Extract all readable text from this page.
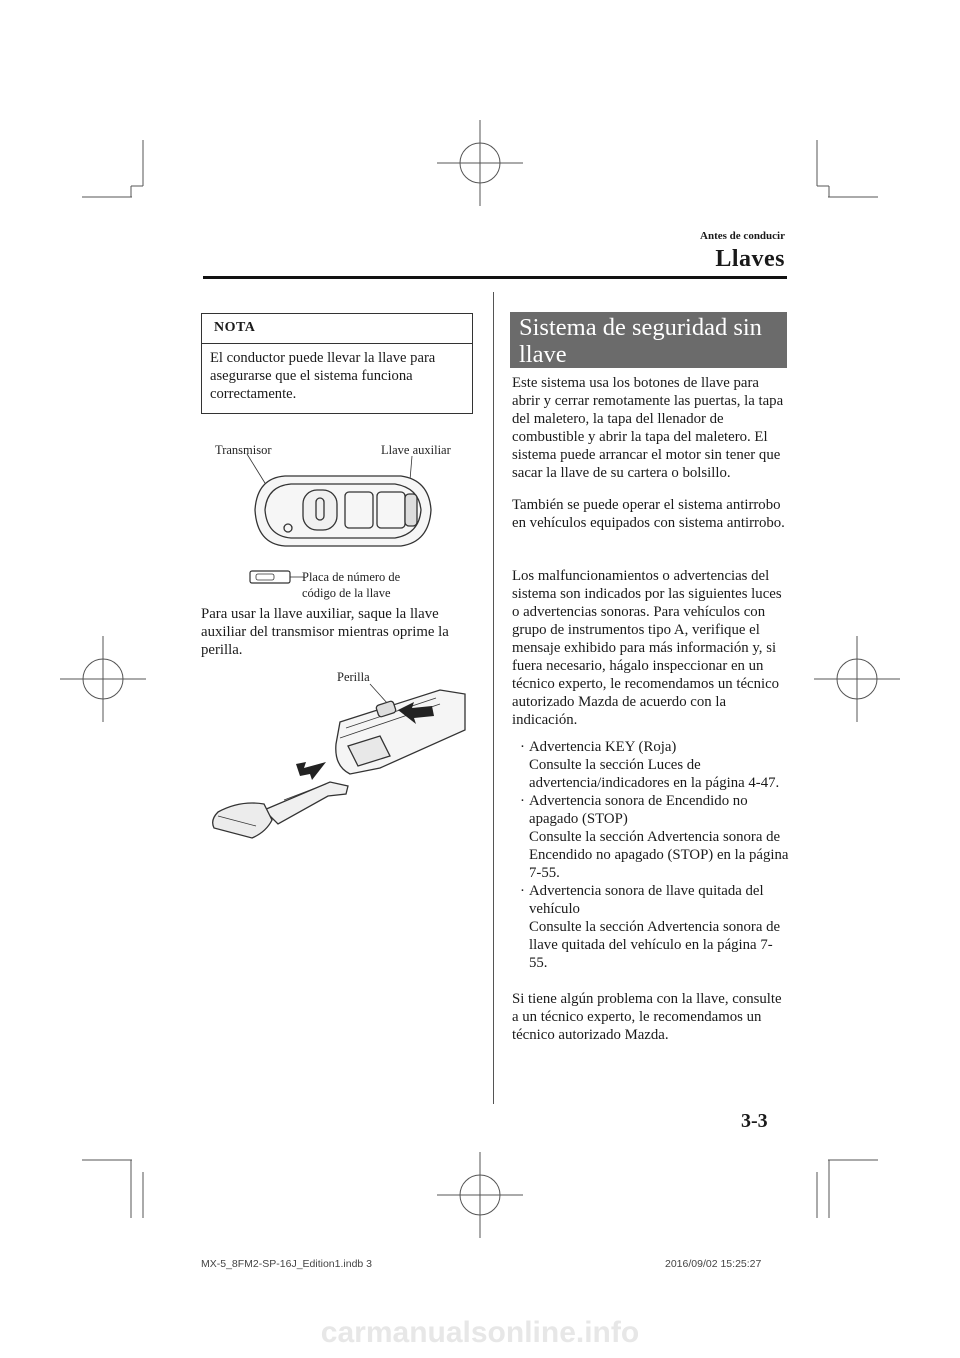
Antes de conducir
Llaves
NOTA
El conductor puede llevar la llave para asegurarse que el sistema funciona correctamente.
Transmisor	Llave auxiliar
Placa de número de
código de la llave
Para usar la llave auxiliar, saque la llave auxiliar del transmisor mientras oprime la perilla.
Perilla
Sistema de seguridad sin
llave
Este sistema usa los botones de llave para abrir y cerrar remotamente las puertas, la tapa del maletero, la tapa del llenador de combustible y abrir la tapa del maletero. El sistema puede arrancar el motor sin tener que sacar la llave de su cartera o bolsillo.
También se puede operar el sistema antirrobo en vehículos equipados con sistema antirrobo.
Los malfuncionamientos o advertencias del sistema son indicados por las siguientes luces o advertencias sonoras. Para vehículos con grupo de instrumentos tipo A, verifique el mensaje exhibido para más información y, si fuera necesario, hágalo inspeccionar en un técnico experto, le recomendamos un técnico autorizado Mazda de acuerdo con la indicación.
· Advertencia KEY (Roja)
Consulte la sección Luces de advertencia/indicadores en la página 4-47.
· Advertencia sonora de Encendido no apagado (STOP)
Consulte la sección Advertencia sonora de Encendido no apagado (STOP) en la página 7-55.
· Advertencia sonora de llave quitada del vehículo
Consulte la sección Advertencia sonora de llave quitada del vehículo en la página 7-55.
Si tiene algún problema con la llave, consulte a un técnico experto, le recomendamos un técnico autorizado Mazda.
3-3
MX-5_8FM2-SP-16J_Edition1.indb 3	2016/09/02 15:25:27
carmanualsonline.info
